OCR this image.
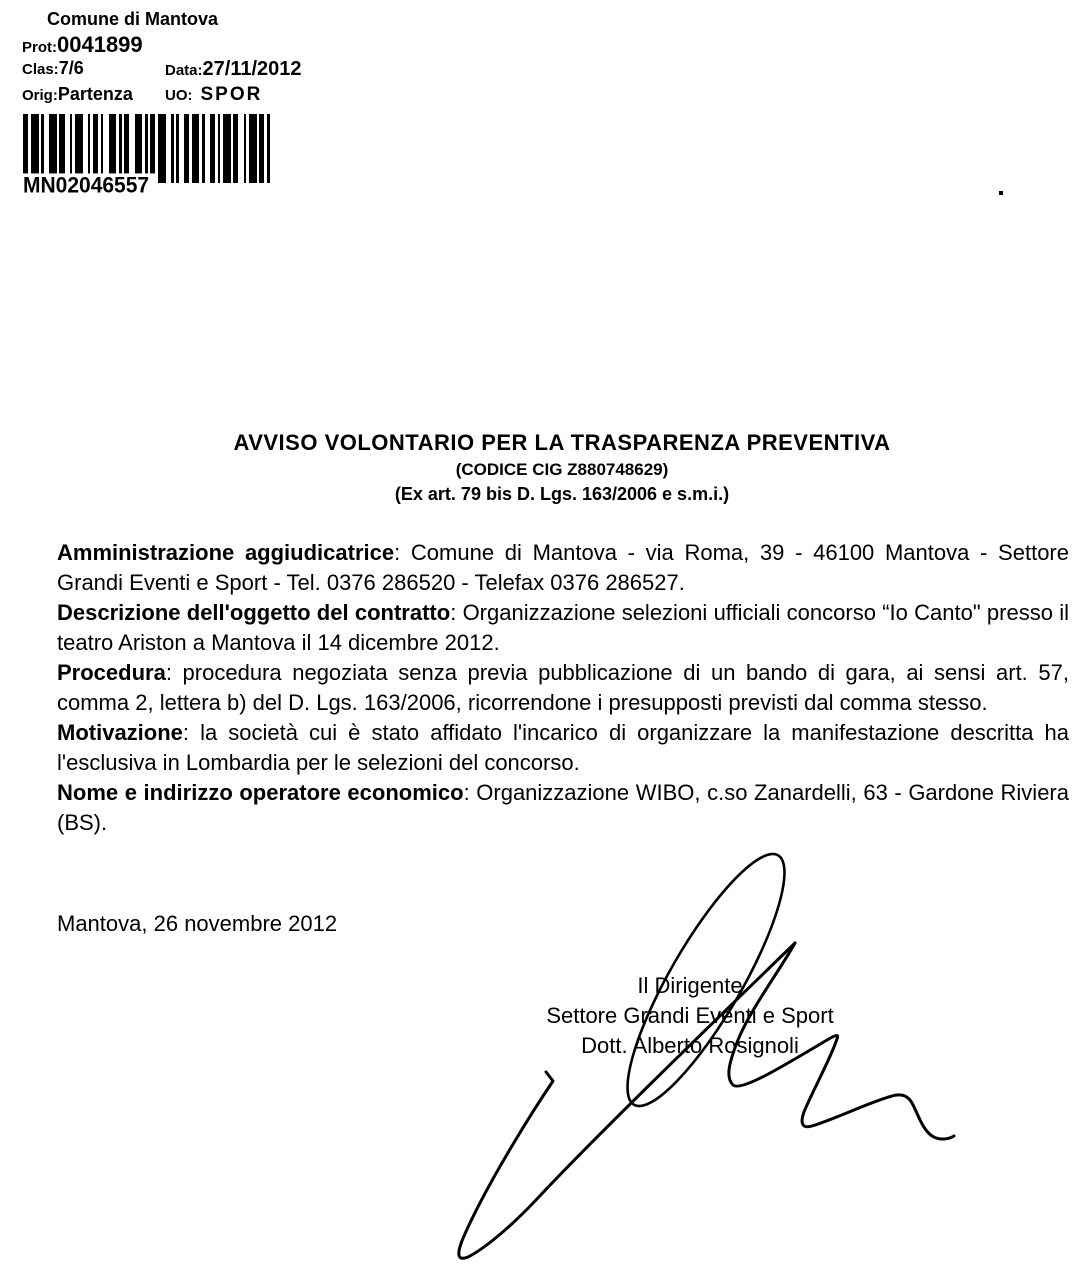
Comune di Mantova
Prot:0041899
Clas:7/6	Data:27/11/2012
Orig:Partenza UO: SPOR
MN02046557
AVVISO VOLONTARIO PER LA TRASPARENZA PREVENTIVA
(CODICE CIG Z880748629)
(Ex art. 79 bis D. Lgs. 163/2006 e s.m.i.)

Amministrazione aggiudicatrice: Comune di Mantova - via Roma, 39 - 46100 Mantova - Settore Grandi Eventi e Sport - Tel. 0376 286520 - Telefax 0376 286527.

Descrizione dell'oggetto del contratto: Organizzazione selezioni ufficiali concorso “Io Canto" presso il teatro Ariston a Mantova il 14 dicembre 2012.

Procedura: procedura negoziata senza previa pubblicazione di un bando di gara, ai sensi art. 57, comma 2, lettera b) del D. Lgs. 163/2006, ricorrendone i presupposti previsti dal comma stesso.

Motivazione: la società cui è stato affidato l'incarico di organizzare la manifestazione descritta ha l'esclusiva in Lombardia per le selezioni del concorso.

Nome e indirizzo operatore economico: Organizzazione WIBO, c.so Zanardelli, 63 - Gardone Riviera (BS).

Mantova, 26 novembre 2012
Il Dirigente
Settore Grandi Eventi e Sport
Dott. Alberto Rosignoli
